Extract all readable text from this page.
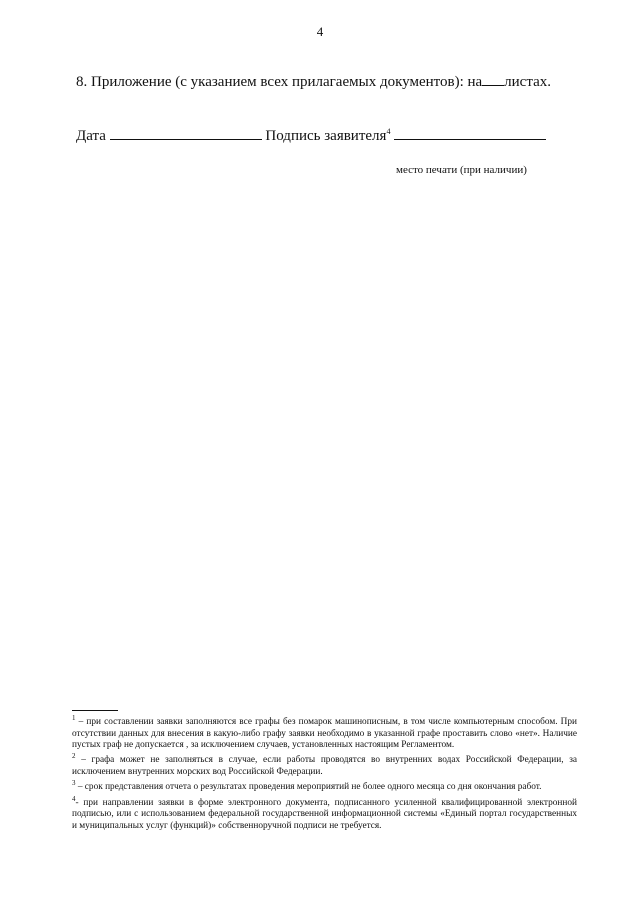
4
8. Приложение (с указанием всех прилагаемых документов): на листах.
Дата	Подпись заявителя$^4$
место печати (при наличии)

$^1$ – при составлении заявки заполняются все графы без помарок машинописным, в том числе компьютерным способом. При отсутствии данных для внесения в какую-либо графу заявки необходимо в указанной графе проставить слово «нет». Наличие пустых граф не допускается , за исключением случаев, установленных настоящим Регламентом.

$^2$ – графа может не заполняться в случае, если работы проводятся во внутренних водах Российской Федерации, за исключением внутренних морских вод Российской Федерации.

$^3$ – срок представления отчета о результатах проведения мероприятий не более одного месяца со дня окончания работ.

$^4$- при направлении заявки в форме электронного документа, подписанного усиленной квалифицированной электронной подписью, или с использованием федеральной государственной информационной системы «Единый портал государственных и муниципальных услуг (функций)» собственноручной подписи не требуется.
